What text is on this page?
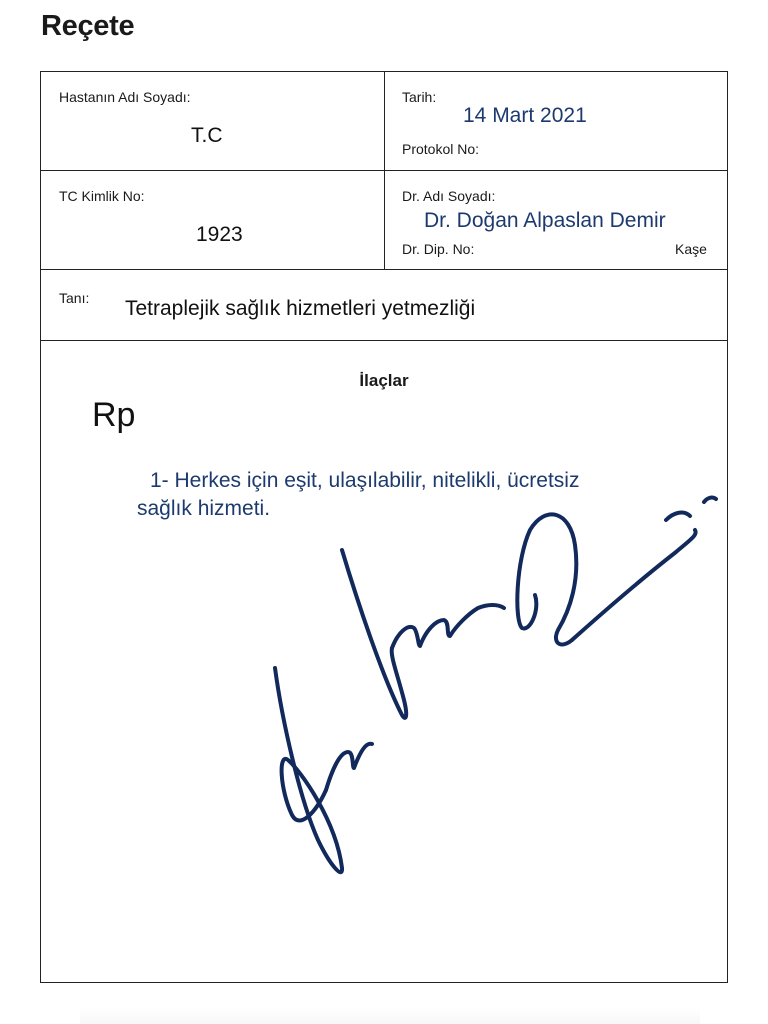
Reçete
Hastanın Adı Soyadı:
T.C
Tarih:
14 Mart 2021
Protokol No:
TC Kimlik No:
1923
Dr. Adı Soyadı:
Dr. Doğan Alpaslan Demir
Dr. Dip. No:	Kaşe
Tanı: Tetraplejik sağlık hizmetleri yetmezliği
İlaçlar
Rp
1- Herkes için eşit, ulaşılabilir, nitelikli, ücretsiz
sağlık hizmeti.
